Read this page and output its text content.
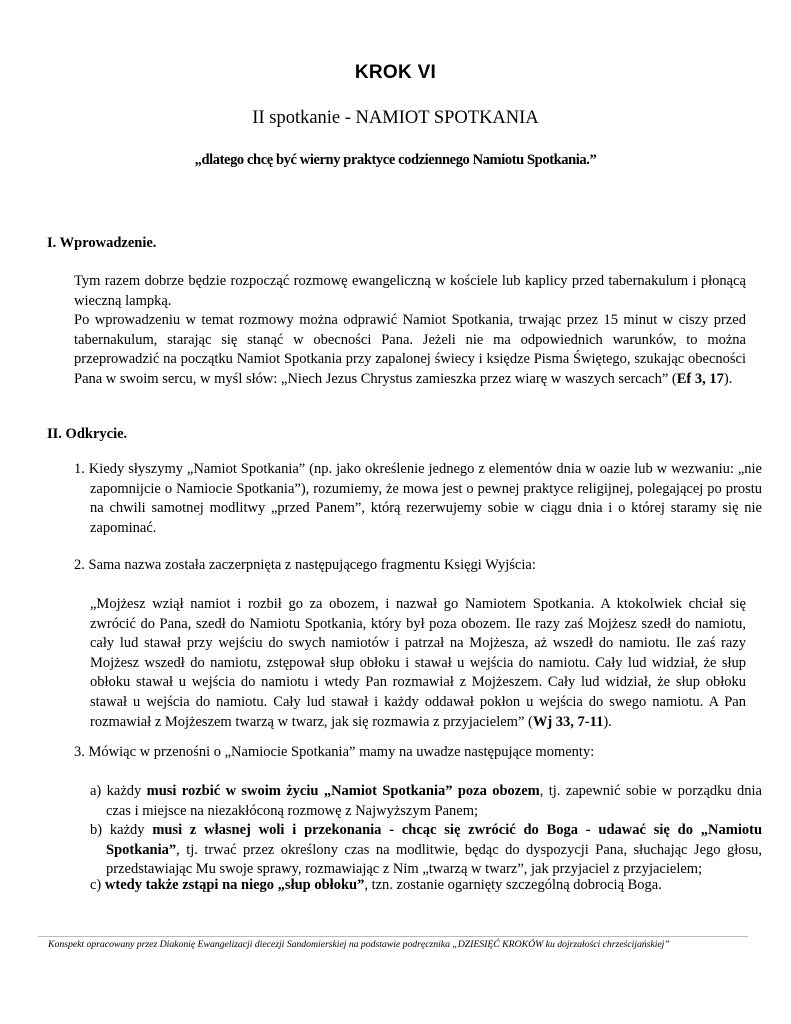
KROK VI
II spotkanie - NAMIOT SPOTKANIA
„dlatego chcę być wierny praktyce codziennego Namiotu Spotkania.”
I. Wprowadzenie.

Tym razem dobrze będzie rozpocząć rozmowę ewangeliczną w kościele lub kaplicy przed tabernakulum i płonącą wieczną lampką.

Po wprowadzeniu w temat rozmowy można odprawić Namiot Spotkania, trwając przez 15 minut w ciszy przed tabernakulum, starając się stanąć w obecności Pana. Jeżeli nie ma odpowiednich warunków, to można przeprowadzić na początku Namiot Spotkania przy zapalonej świecy i księdze Pisma Świętego, szukając obecności Pana w swoim sercu, w myśl słów: „Niech Jezus Chrystus zamieszka przez wiarę w waszych sercach” (Ef 3, 17).

II. Odkrycie.
1. Kiedy słyszymy „Namiot Spotkania” (np. jako określenie jednego z elementów dnia w oazie lub w wezwaniu: „nie zapomnijcie o Namiocie Spotkania”), rozumiemy, że mowa jest o pewnej praktyce religijnej, polegającej po prostu na chwili samotnej modlitwy „przed Panem”, którą rezerwujemy sobie w ciągu dnia i o której staramy się nie zapominać.
2. Sama nazwa została zaczerpnięta z następującego fragmentu Księgi Wyjścia:

„Mojżesz wziął namiot i rozbił go za obozem, i nazwał go Namiotem Spotkania. A ktokolwiek chciał się zwrócić do Pana, szedł do Namiotu Spotkania, który był poza obozem. Ile razy zaś Mojżesz szedł do namiotu, cały lud stawał przy wejściu do swych namiotów i patrzał na Mojżesza, aż wszedł do namiotu. Ile zaś razy Mojżesz wszedł do namiotu, zstępował słup obłoku i stawał u wejścia do namiotu. Cały lud widział, że słup obłoku stawał u wejścia do namiotu i wtedy Pan rozmawiał z Mojżeszem. Cały lud widział, że słup obłoku stawał u wejścia do namiotu. Cały lud stawał i każdy oddawał pokłon u wejścia do swego namiotu. A Pan rozmawiał z Mojżeszem twarzą w twarz, jak się rozmawia z przyjacielem” (Wj 33, 7-11).

3. Mówiąc w przenośni o „Namiocie Spotkania” mamy na uwadze następujące momenty:
a) każdy musi rozbić w swoim życiu „Namiot Spotkania” poza obozem, tj. zapewnić sobie w porządku dnia czas i miejsce na niezakłóconą rozmowę z Najwyższym Panem;
b) każdy musi z własnej woli i przekonania - chcąc się zwrócić do Boga - udawać się do „Namiotu Spotkania”, tj. trwać przez określony czas na modlitwie, będąc do dyspozycji Pana, słuchając Jego głosu, przedstawiając Mu swoje sprawy, rozmawiając z Nim „twarzą w twarz”, jak przyjaciel z przyjacielem;
c) wtedy także zstąpi na niego „słup obłoku”, tzn. zostanie ogarnięty szczególną dobrocią Boga.
Konspekt opracowany przez Diakonię Ewangelizacji diecezji Sandomierskiej na podstawie podręcznika „DZIESIĘĆ KROKÓW ku dojrzałości chrześcijańskiej”
